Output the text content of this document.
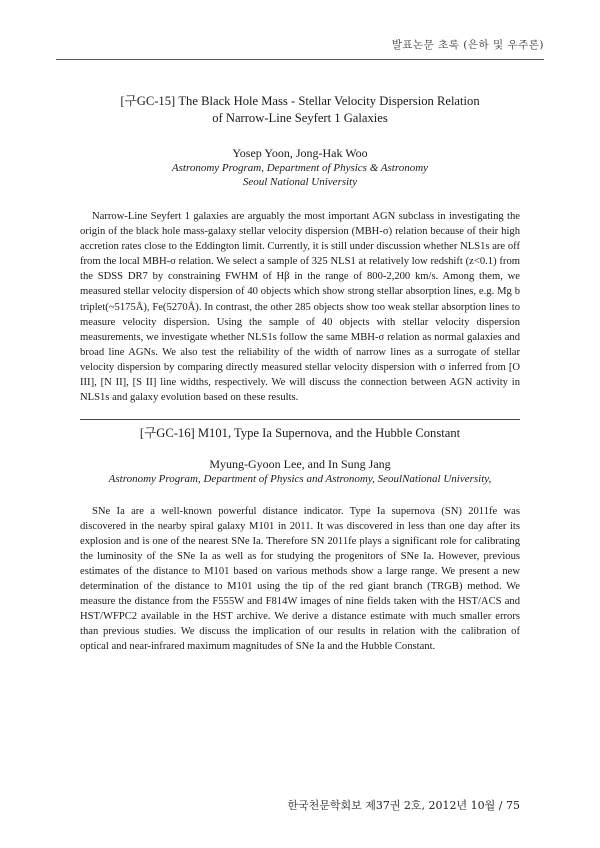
발표논문 초록 (은하 및 우주론)
[구GC-15] The Black Hole Mass - Stellar Velocity Dispersion Relation
of Narrow-Line Seyfert 1 Galaxies

Yosep Yoon, Jong-Hak Woo

Astronomy Program, Department of Physics & Astronomy

Seoul National University

Narrow-Line Seyfert 1 galaxies are arguably the most important AGN subclass in investigating the origin of the black hole mass-galaxy stellar velocity dispersion (MBH-σ) relation because of their high accretion rates close to the Eddington limit. Currently, it is still under discussion whether NLS1s are off from the local MBH-σ relation. We select a sample of 325 NLS1 at relatively low redshift (z<0.1) from the SDSS DR7 by constraining FWHM of Hβ in the range of 800-2,200 km/s. Among them, we measured stellar velocity dispersion of 40 objects which show strong stellar absorption lines, e.g. Mg b triplet(~5175Å), Fe(5270Å). In contrast, the other 285 objects show too weak stellar absorption lines to measure velocity dispersion. Using the sample of 40 objects with stellar velocity dispersion measurements, we investigate whether NLS1s follow the same MBH-σ relation as normal galaxies and broad line AGNs. We also test the reliability of the width of narrow lines as a surrogate of stellar velocity dispersion by comparing directly measured stellar velocity dispersion with σ inferred from [O III], [N II], [S II] line widths, respectively. We will discuss the connection between AGN activity in NLS1s and galaxy evolution based on these results.

[구GC-16] M101, Type Ia Supernova, and the Hubble Constant

Myung-Gyoon Lee, and In Sung Jang

Astronomy Program, Department of Physics and Astronomy, SeoulNational University,

SNe Ia are a well-known powerful distance indicator. Type Ia supernova (SN) 2011fe was discovered in the nearby spiral galaxy M101 in 2011. It was discovered in less than one day after its explosion and is one of the nearest SNe Ia. Therefore SN 2011fe plays a significant role for calibrating the luminosity of the SNe Ia as well as for studying the progenitors of SNe Ia. However, previous estimates of the distance to M101 based on various methods show a large range. We present a new determination of the distance to M101 using the tip of the red giant branch (TRGB) method. We measure the distance from the F555W and F814W images of nine fields taken with the HST/ACS and HST/WFPC2 available in the HST archive. We derive a distance estimate with much smaller errors than previous studies. We discuss the implication of our results in relation with the calibration of optical and near-infrared maximum magnitudes of SNe Ia and the Hubble Constant.

한국천문학회보 제37권 2호, 2012년 10월 / 75
